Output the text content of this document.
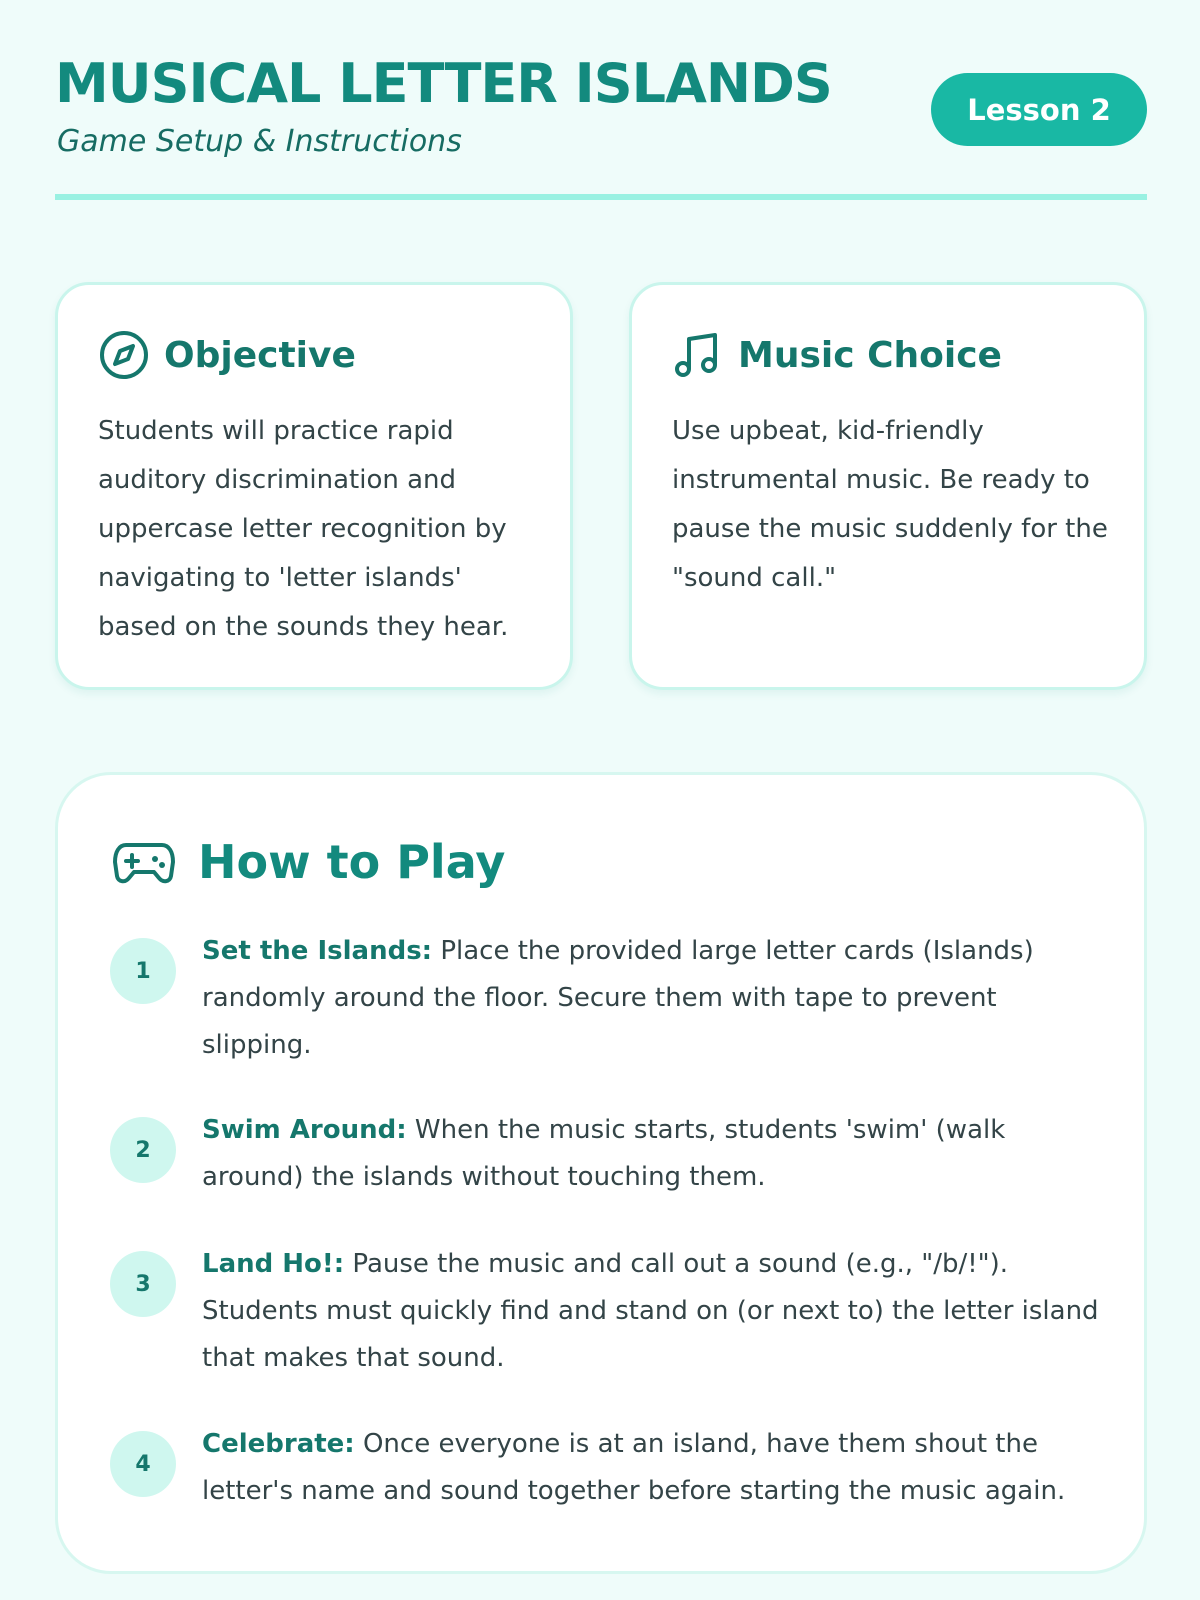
MUSICAL LETTER ISLANDS
Game Setup & Instructions
Lesson 2
Objective
Students will practice rapid auditory discrimination and uppercase letter recognition by navigating to 'letter islands' based on the sounds they hear.
Music Choice
Use upbeat, kid-friendly instrumental music. Be ready to pause the music suddenly for the "sound call."
How to Play
1
Set the Islands: Place the provided large letter cards (Islands) randomly around the floor. Secure them with tape to prevent slipping.
2
Swim Around: When the music starts, students 'swim' (walk around) the islands without touching them.
3
Land Ho!: Pause the music and call out a sound (e.g., "/b/!"). Students must quickly find and stand on (or next to) the letter island that makes that sound.
4
Celebrate: Once everyone is at an island, have them shout the letter's name and sound together before starting the music again.
